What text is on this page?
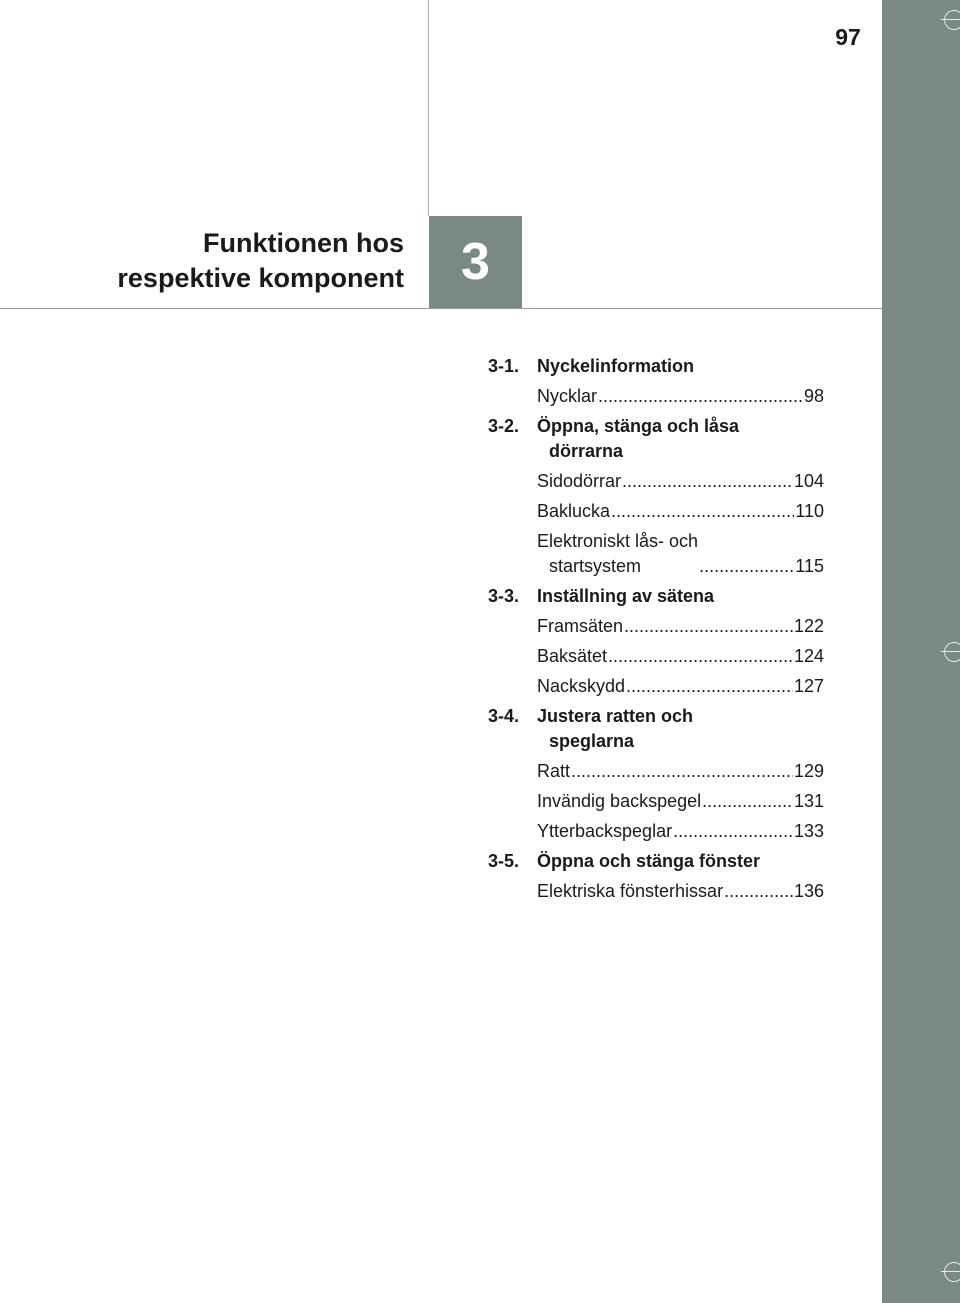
97
Funktionen hos
respektive komponent 3
3-1. Nyckelinformation
Nycklar .....	98
3-2. Öppna, stänga och låsa
dörrarna
Sidodörrar .....	104
Baklucka .....	110
Elektroniskt lås- och
startsystem .....	115
3-3. Inställning av sätena
Framsäten .....	122
Baksätet .....	124
Nackskydd .....	127
3-4. Justera ratten och
speglarna
Ratt .....	129
Invändig backspegel .....	131
Ytterbackspeglar .....	133
3-5. Öppna och stänga fönster
Elektriska fönsterhissar .....	136
